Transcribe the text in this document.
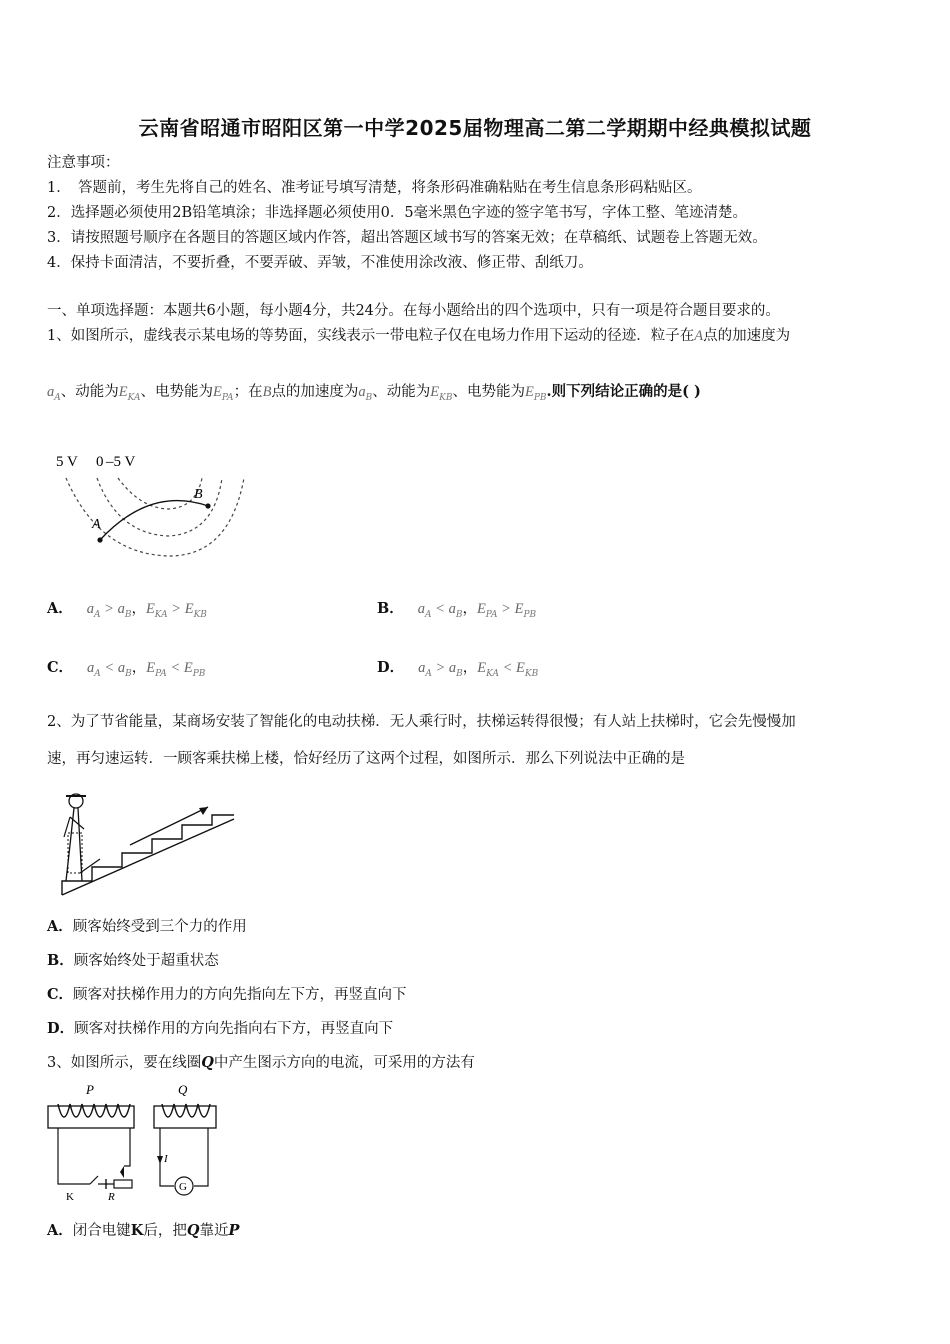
云南省昭通市昭阳区第一中学2025届物理高二第二学期期中经典模拟试题
注意事项：
1．　答题前，考生先将自己的姓名、准考证号填写清楚，将条形码准确粘贴在考生信息条形码粘贴区。
2．选择题必须使用2B铅笔填涂；非选择题必须使用0．5毫米黑色字迹的签字笔书写，字体工整、笔迹清楚。
3．请按照题号顺序在各题目的答题区域内作答，超出答题区域书写的答案无效；在草稿纸、试题卷上答题无效。
4．保持卡面清洁，不要折叠，不要弄破、弄皱，不准使用涂改液、修正带、刮纸刀。
一、单项选择题：本题共6小题，每小题4分，共24分。在每小题给出的四个选项中，只有一项是符合题目要求的。
1、如图所示，虚线表示某电场的等势面，实线表示一带电粒子仅在电场力作用下运动的径迹．粒子在A点的加速度为
$a_A$、动能为$E_{KA}$、电势能为$E_{PA}$；在B点的加速度为$a_B$、动能为$E_{KB}$、电势能为$E_{PB}$.则下列结论正确的是( )
5 V 0 –5 V
A
B
A． $a_A > a_B$，$E_{KA} > E_{KB}$	B． $a_A < a_B$，$E_{PA} > E_{PB}$
C． $a_A < a_B$，$E_{PA} < E_{PB}$	D． $a_A > a_B$，$E_{KA} < E_{KB}$
2、为了节省能量，某商场安装了智能化的电动扶梯．无人乘行时，扶梯运转得很慢；有人站上扶梯时，它会先慢慢加
速，再匀速运转．一顾客乘扶梯上楼，恰好经历了这两个过程，如图所示．那么下列说法中正确的是
A．顾客始终受到三个力的作用
B．顾客始终处于超重状态
C．顾客对扶梯作用力的方向先指向左下方，再竖直向下
D．顾客对扶梯作用的方向先指向右下方，再竖直向下
3、如图所示，要在线圈Q中产生图示方向的电流，可采用的方法有
P	Q
K	R
I
G
A．闭合电键K后，把Q靠近P
